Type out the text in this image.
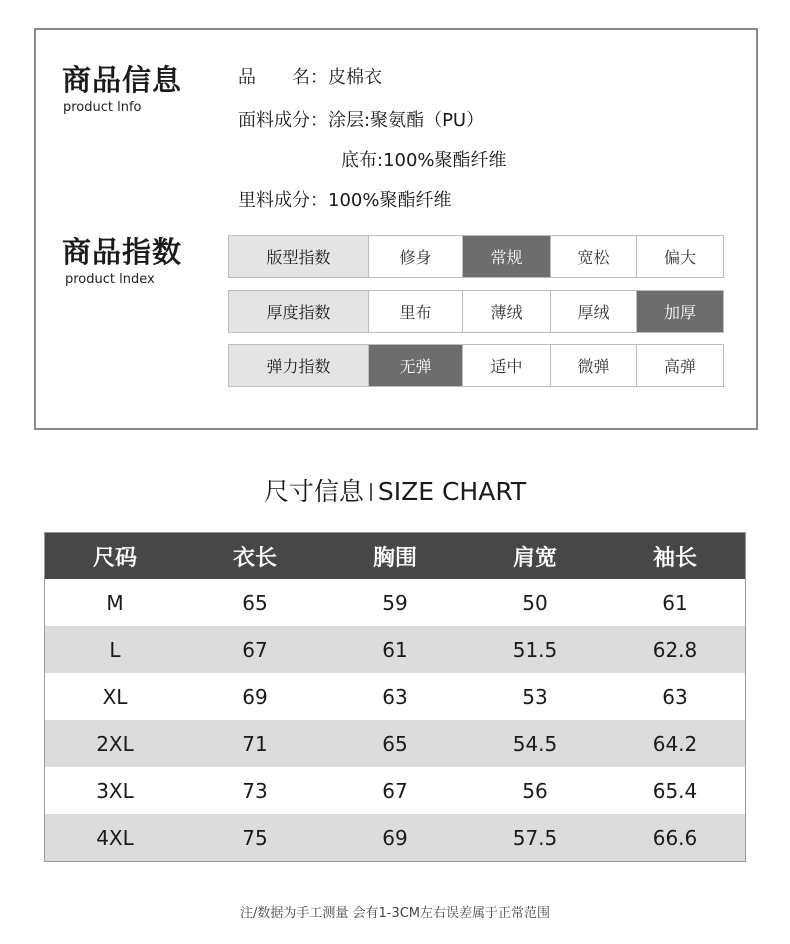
商品信息
product lnfo
品　　名：皮棉衣
面料成分：涂层:聚氨酯（PU）
底布:100%聚酯纤维
里料成分：100%聚酯纤维
商品指数
product lndex
版型指数	修身	常规	宽松	偏大
厚度指数	里布	薄绒	厚绒	加厚
弹力指数	无弹	适中	微弹	高弹
尺寸信息 SIZE CHART
尺码	衣长	胸围	肩宽	袖长
M	65	59	50	61
L	67	61	51.5	62.8
XL	69	63	53	63
2XL	71	65	54.5	64.2
3XL	73	67	56	65.4
4XL	75	69	57.5	66.6
注/数据为手工测量 会有1-3CM左右误差属于正常范围
